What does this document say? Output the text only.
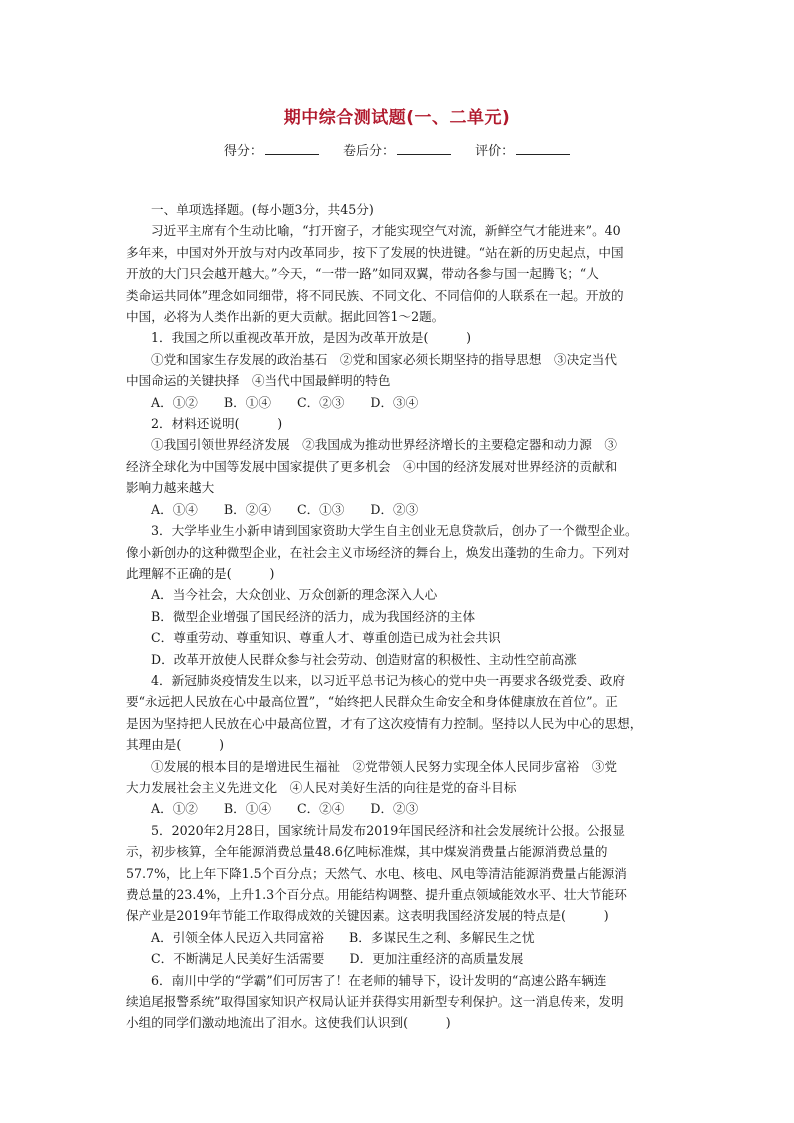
期中综合测试题(一、二单元)
得分：	卷后分：	评价：

一、单项选择题。(每小题3分，共45分)

习近平主席有个生动比喻，“打开窗子，才能实现空气对流，新鲜空气才能进来”。40

多年来，中国对外开放与对内改革同步，按下了发展的快进键。“站在新的历史起点，中国

开放的大门只会越开越大。”今天，“一带一路”如同双翼，带动各参与国一起腾飞；“人

类命运共同体”理念如同细带，将不同民族、不同文化、不同信仰的人联系在一起。开放的

中国，必将为人类作出新的更大贡献。据此回答1～2题。

1．我国之所以重视改革开放，是因为改革开放是(　　　)

①党和国家生存发展的政治基石　②党和国家必须长期坚持的指导思想　③决定当代

中国命运的关键抉择　④当代中国最鲜明的特色

A．①② B．①④ C．②③ D．③④

2．材料还说明(　　　)

①我国引领世界经济发展　②我国成为推动世界经济增长的主要稳定器和动力源　③

经济全球化为中国等发展中国家提供了更多机会　④中国的经济发展对世界经济的贡献和

影响力越来越大

A．①④ B．②④ C．①③ D．②③

3．大学毕业生小新申请到国家资助大学生自主创业无息贷款后，创办了一个微型企业。

像小新创办的这种微型企业，在社会主义市场经济的舞台上，焕发出蓬勃的生命力。下列对

此理解不正确的是(　　　)

A．当今社会，大众创业、万众创新的理念深入人心

B．微型企业增强了国民经济的活力，成为我国经济的主体

C．尊重劳动、尊重知识、尊重人才、尊重创造已成为社会共识

D．改革开放使人民群众参与社会劳动、创造财富的积极性、主动性空前高涨

4．新冠肺炎疫情发生以来，以习近平总书记为核心的党中央一再要求各级党委、政府

要“永远把人民放在心中最高位置”，“始终把人民群众生命安全和身体健康放在首位”。正

是因为坚持把人民放在心中最高位置，才有了这次疫情有力控制。坚持以人民为中心的思想，

其理由是(　　　)

①发展的根本目的是增进民生福祉　②党带领人民努力实现全体人民同步富裕　③党

大力发展社会主义先进文化　④人民对美好生活的向往是党的奋斗目标

A．①② B．①④ C．②④ D．②③

5．2020年2月28日，国家统计局发布2019年国民经济和社会发展统计公报。公报显

示，初步核算，全年能源消费总量48.6亿吨标准煤，其中煤炭消费量占能源消费总量的

57.7%，比上年下降1.5个百分点；天然气、水电、核电、风电等清洁能源消费量占能源消

费总量的23.4%，上升1.3个百分点。用能结构调整、提升重点领域能效水平、壮大节能环

保产业是2019年节能工作取得成效的关键因素。这表明我国经济发展的特点是(　　　)

A．引领全体人民迈入共同富裕　　B．多谋民生之利、多解民生之忧

C．不断满足人民美好生活需要　　D．更加注重经济的高质量发展

6．南川中学的“学霸”们可厉害了！在老师的辅导下，设计发明的“高速公路车辆连

续追尾报警系统”取得国家知识产权局认证并获得实用新型专利保护。这一消息传来，发明

小组的同学们激动地流出了泪水。这使我们认识到(　　　)
